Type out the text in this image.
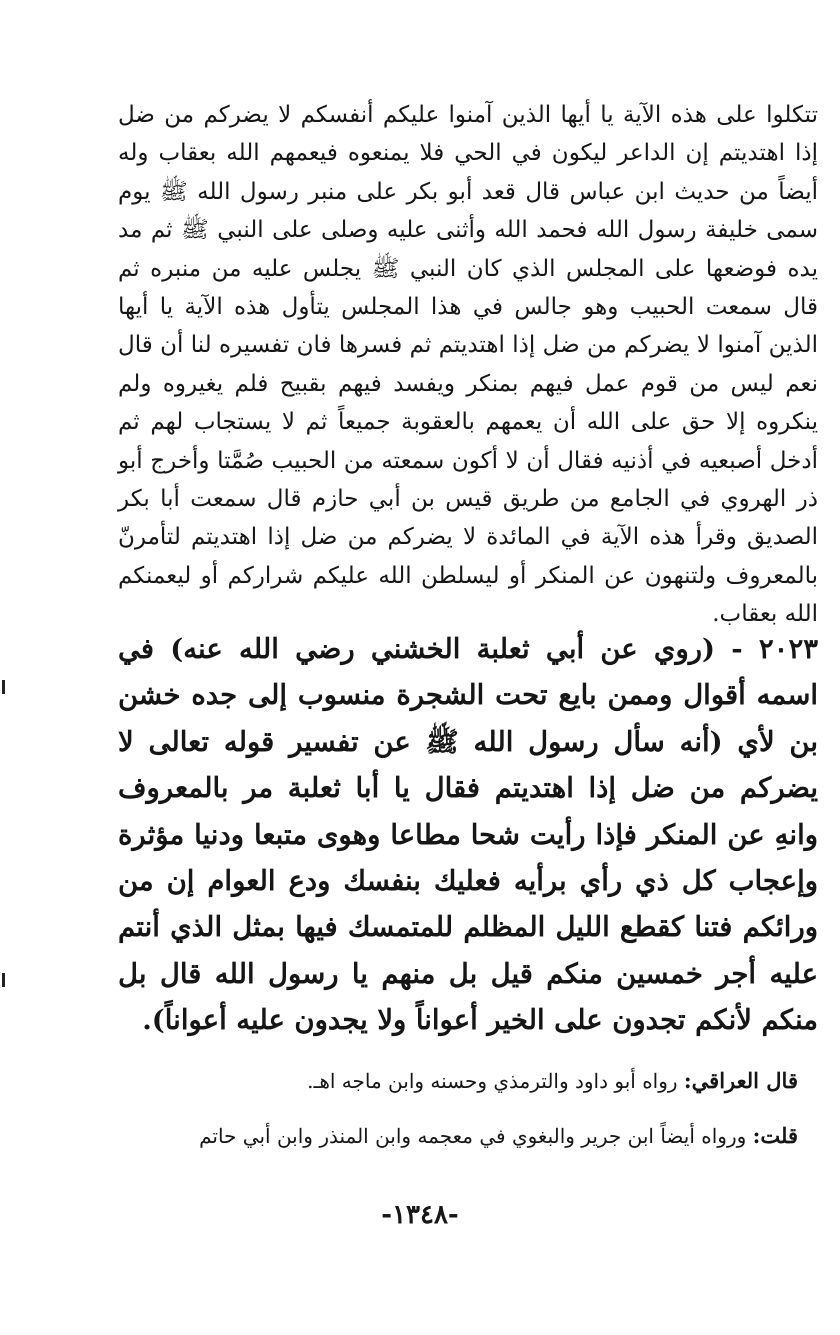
تتكلوا على هذه الآية يا أيها الذين آمنوا عليكم أنفسكم لا يضركم من ضل إذا اهتديتم إن الداعر ليكون في الحي فلا يمنعوه فيعمهم الله بعقاب وله أيضاً من حديث ابن عباس قال قعد أبو بكر على منبر رسول الله ﷺ يوم سمى خليفة رسول الله فحمد الله وأثنى عليه وصلى على النبي ﷺ ثم مد يده فوضعها على المجلس الذي كان النبي ﷺ يجلس عليه من منبره ثم قال سمعت الحبيب وهو جالس في هذا المجلس يتأول هذه الآية يا أيها الذين آمنوا لا يضركم من ضل إذا اهتديتم ثم فسرها فان تفسيره لنا أن قال نعم ليس من قوم عمل فيهم بمنكر ويفسد فيهم بقبيح فلم يغيروه ولم ينكروه إلا حق على الله أن يعمهم بالعقوبة جميعاً ثم لا يستجاب لهم ثم أدخل أصبعيه في أذنيه فقال أن لا أكون سمعته من الحبيب صُمَّتا وأخرج أبو ذر الهروي في الجامع من طريق قيس بن أبي حازم قال سمعت أبا بكر الصديق وقرأ هذه الآية في المائدة لا يضركم من ضل إذا اهتديتم لتأمرنّ بالمعروف ولتنهون عن المنكر أو ليسلطن الله عليكم شراركم أو ليعمنكم الله بعقاب.

٢٠٢٣ - (روي عن أبي ثعلبة الخشني رضي الله عنه) في اسمه أقوال وممن بايع تحت الشجرة منسوب إلى جده خشن بن لأي (أنه سأل رسول الله ﷺ عن تفسير قوله تعالى لا يضركم من ضل إذا اهتديتم فقال يا أبا ثعلبة مر بالمعروف وانهِ عن المنكر فإذا رأيت شحا مطاعا وهوى متبعا ودنيا مؤثرة وإعجاب كل ذي رأي برأيه فعليك بنفسك ودع العوام إن من ورائكم فتنا كقطع الليل المظلم للمتمسك فيها بمثل الذي أنتم عليه أجر خمسين منكم قيل بل منهم يا رسول الله قال بل منكم لأنكم تجدون على الخير أعواناً ولا يجدون عليه أعواناً).

قال العراقي: رواه أبو داود والترمذي وحسنه وابن ماجه اهـ.

قلت: ورواه أيضاً ابن جرير والبغوي في معجمه وابن المنذر وابن أبي حاتم

-١٣٤٨-
